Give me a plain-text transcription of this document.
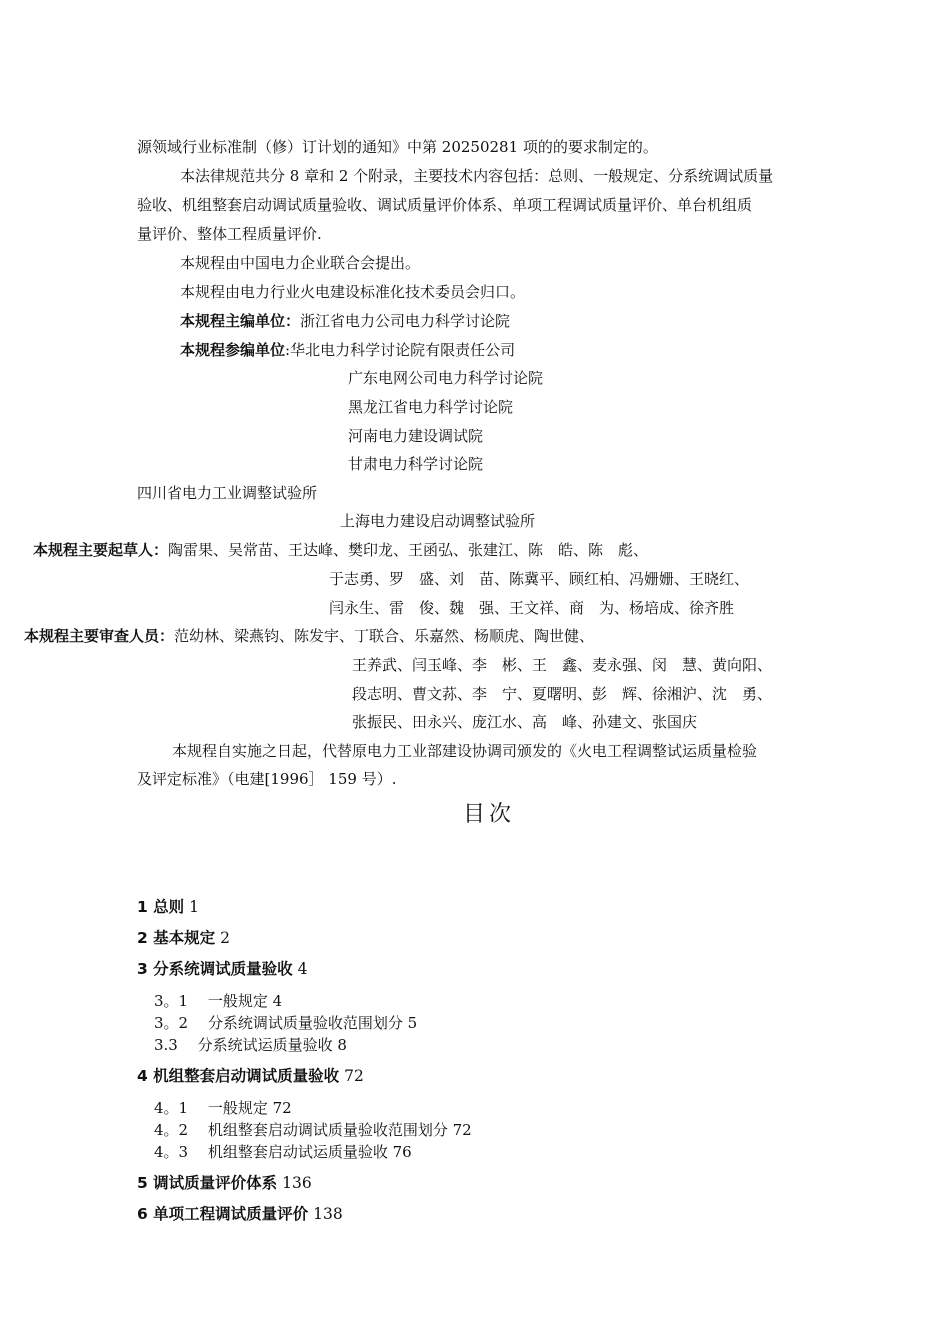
源领域行业标准制（修）订计划的通知》中第 20250281 项的的要求制定的。
本法律规范共分 8 章和 2 个附录，主要技术内容包括：总则、一般规定、分系统调试质量
验收、机组整套启动调试质量验收、调试质量评价体系、单项工程调试质量评价、单台机组质
量评价、整体工程质量评价.
本规程由中国电力企业联合会提出。
本规程由电力行业火电建设标准化技术委员会归口。
本规程主编单位：浙江省电力公司电力科学讨论院
本规程参编单位:华北电力科学讨论院有限责任公司
广东电网公司电力科学讨论院
黑龙江省电力科学讨论院
河南电力建设调试院
甘肃电力科学讨论院
四川省电力工业调整试验所
上海电力建设启动调整试验所
本规程主要起草人：陶雷果、吴常苗、王达峰、樊印龙、王函弘、张建江、陈　皓、陈　彪、
于志勇、罗　盛、刘　苗、陈冀平、顾红柏、冯姗姗、王晓红、
闫永生、雷　俊、魏　强、王文祥、商　为、杨培成、徐齐胜
本规程主要审查人员：范幼林、梁燕钧、陈发宇、丁联合、乐嘉然、杨顺虎、陶世健、
王养武、闫玉峰、李　彬、王　鑫、麦永强、闵　慧、黄向阳、
段志明、曹文荪、李　宁、夏曙明、彭　辉、徐湘沪、沈　勇、
张振民、田永兴、庞江水、高　峰、孙建文、张国庆
本规程自实施之日起，代替原电力工业部建设协调司颁发的《火电工程调整试运质量检验
及评定标准》（电建[1996］ 159 号）.
目次
1 总则 1
2 基本规定 2
3 分系统调试质量验收 4
3。1　 一般规定 4
3。2　 分系统调试质量验收范围划分 5
3.3　 分系统试运质量验收 8
4 机组整套启动调试质量验收 72
4。1　 一般规定 72
4。2　 机组整套启动调试质量验收范围划分 72
4。3　 机组整套启动试运质量验收 76
5 调试质量评价体系 136
6 单项工程调试质量评价 138
